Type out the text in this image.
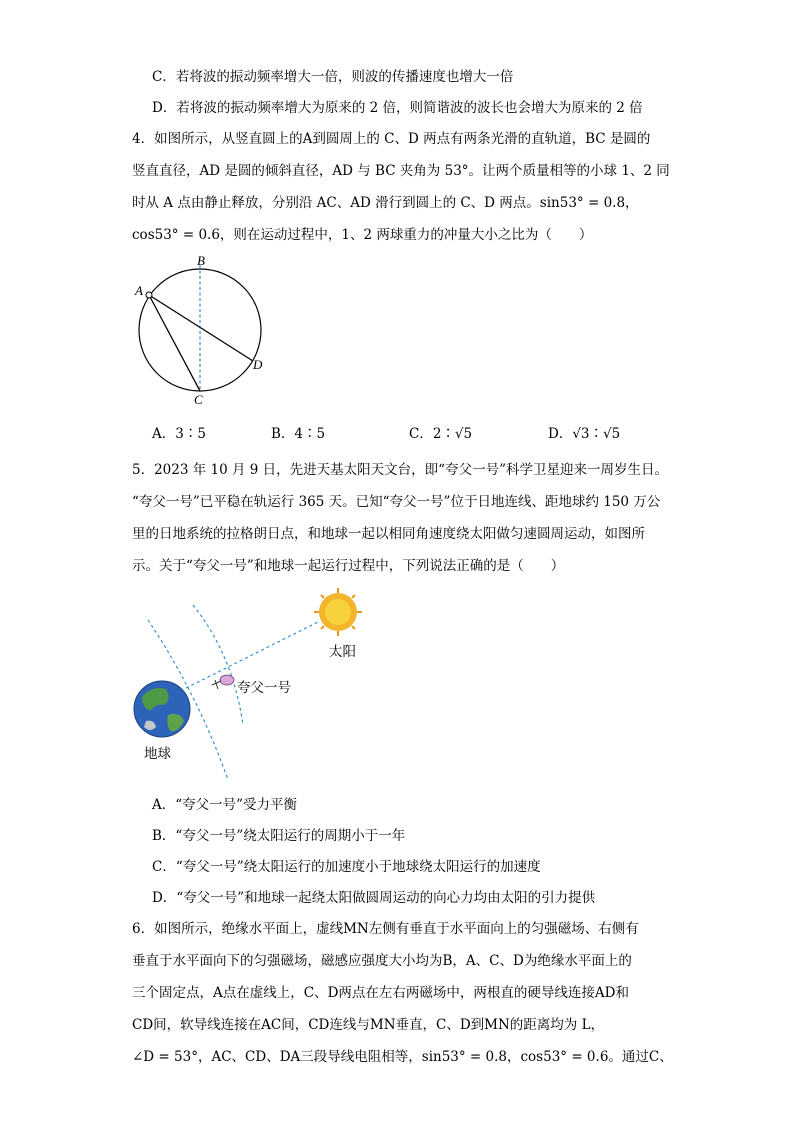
C．若将波的振动频率增大一倍，则波的传播速度也增大一倍
D．若将波的振动频率增大为原来的 2 倍，则简谐波的波长也会增大为原来的 2 倍
4．如图所示，从竖直圆上的A到圆周上的 C、D 两点有两条光滑的直轨道，BC 是圆的
竖直直径，AD 是圆的倾斜直径，AD 与 BC 夹角为 53°。让两个质量相等的小球 1、2 同
时从 A 点由静止释放，分别沿 AC、AD 滑行到圆上的 C、D 两点。sin53° = 0.8，
cos53° = 0.6，则在运动过程中，1、2 两球重力的冲量大小之比为（　　）
B
A
D
C
A．3∶5	B．4∶5	C．2∶√5	D．√3∶√5
5．2023 年 10 月 9 日，先进天基太阳天文台，即“夸父一号”科学卫星迎来一周岁生日。
“夸父一号”已平稳在轨运行 365 天。已知“夸父一号”位于日地连线、距地球约 150 万公
里的日地系统的拉格朗日点，和地球一起以相同角速度绕太阳做匀速圆周运动，如图所
示。关于“夸父一号”和地球一起运行过程中，下列说法正确的是（　　）
太阳
夸父一号
地球
A．“夸父一号”受力平衡
B．“夸父一号”绕太阳运行的周期小于一年
C．“夸父一号”绕太阳运行的加速度小于地球绕太阳运行的加速度
D．“夸父一号”和地球一起绕太阳做圆周运动的向心力均由太阳的引力提供
6．如图所示，绝缘水平面上，虚线MN左侧有垂直于水平面向上的匀强磁场、右侧有
垂直于水平面向下的匀强磁场，磁感应强度大小均为B，A、C、D为绝缘水平面上的
三个固定点，A点在虚线上，C、D两点在左右两磁场中，两根直的硬导线连接AD和
CD间，软导线连接在AC间，CD连线与MN垂直，C、D到MN的距离均为 L，
∠D = 53°，AC、CD、DA三段导线电阻相等，sin53° = 0.8，cos53° = 0.6。通过C、
